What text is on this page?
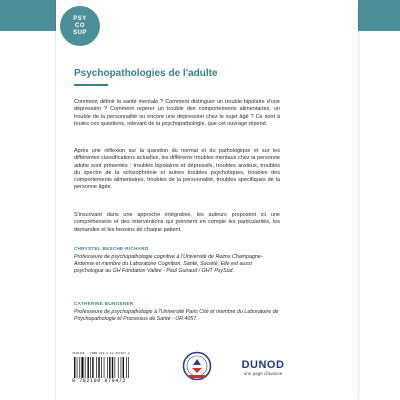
PSY
CO
SUP
Psychopathologies de l'adulte

Comment définir la santé mentale ? Comment distinguer un trouble bipolaire d'une dépression ? Comment repérer un trouble des comportements alimentaires, un trouble de la personnalité ou encore une dépression chez le sujet âgé ? Ce sont à toutes ces questions, relevant de la psychopathologie, que cet ouvrage répond.

Après une réflexion sur la question du normal et du pathologique et sur les différentes classifications actuelles, les différents troubles mentaux chez la personne adulte sont présentés : troubles bipolaires et dépressifs, troubles anxieux, troubles du spectre de la schizophrénie et autres troubles psychotiques, troubles des comportements alimentaires, troubles de la personnalité, troubles spécifiques de la personne âgée.

S'inscrivant dans une approche intégrative, les auteurs proposent ici une compréhension et des interventions qui prennent en compte les particularités, les demandes et les besoins de chaque patient.

CHRYSTEL BESCHE-RICHARD

Professeure de psychopathologie cognitive à l'Université de Reims Champagne-Ardenne et membre du Laboratoire Cognition, Santé, Société. Elle est aussi psychologue au GH Fondation Vallée - Paul Guiraud / GHT PsySud.

CATHERINE BUNGENER

Professeure de psychopathologie à l'Université Paris Cité et membre du Laboratoire de Psychopathologie et Processus de Santé - UR 4057.

3196486 · ISBN 978-2-10-087947-2

9 782100 879472

DUNOD

une page d'avance
